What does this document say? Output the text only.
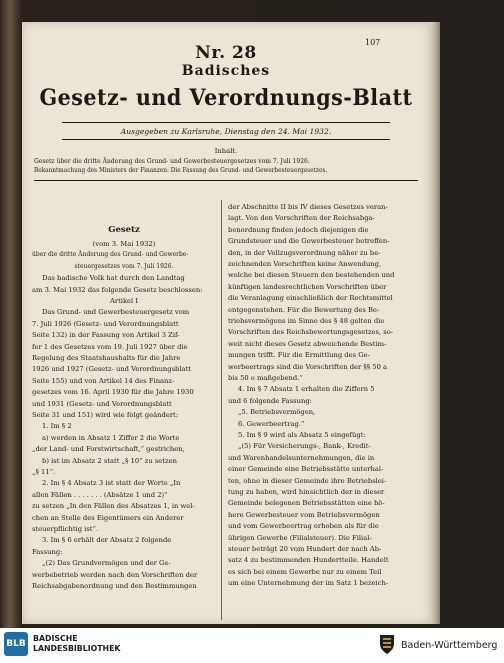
107
Nr. 28
Badisches
Gesetz- und Verordnungs-Blatt
Ausgegeben zu Karlsruhe, Dienstag den 24. Mai 1932.
Inhalt.
Gesetz über die dritte Änderung des Grund- und Gewerbesteuergesetzes vom 7. Juli 1926.
Bekanntmachung des Ministers der Finanzen: Die Fassung des Grund- und Gewerbesteuergesetzes.
Gesetz
(vom 3. Mai 1932)
über die dritte Änderung des Grund- und Gewerbe-
steuergesetzes vom 7. Juli 1926.
Das badische Volk hat durch den Landtag
am 3. Mai 1932 das folgende Gesetz beschlossen:
Artikel I
Das Grund- und Gewerbesteuergesetz vom
7. Juli 1926 (Gesetz- und Verordnungsblatt
Seite 132) in der Fassung von Artikel 3 Zif-
fer 1 des Gesetzes vom 19. Juli 1927 über die
Regelung des Staatshaushalts für die Jahre
1926 und 1927 (Gesetz- und Verordnungsblatt
Seite 155) und von Artikel 14 des Finanz-
gesetzes vom 16. April 1930 für die Jahre 1930
und 1931 (Gesetz- und Verordnungsblatt
Seite 31 und 151) wird wie folgt geändert:
1. Im § 2
a) werden in Absatz 1 Ziffer 2 die Worte
„der Land- und Forstwirtschaft,“ gestrichen,
b) ist im Absatz 2 statt „§ 10“ zu setzen
„§ 11“.
2. Im § 4 Absatz 3 ist statt der Worte „In
allen Fällen . . . . . . . (Absätze 1 und 2)“
zu setzen „In den Fällen des Absatzes 1, in wel-
chen an Stelle des Eigentümers ein Anderer
steuerpflichtig ist“.
3. Im § 6 erhält der Absatz 2 folgende
Fassung:
„(2) Das Grundvermögen und der Ge-
werbebetrieb werden nach den Vorschriften der
Reichsabgabenordnung und den Bestimmungen
der Abschnitte II bis IV dieses Gesetzes veran-
lagt. Von den Vorschriften der Reichsabga-
benordnung finden jedoch diejenigen die
Grundsteuer und die Gewerbesteuer betreffen-
den, in der Vollzugsverordnung näher zu be-
zeichnenden Vorschriften keine Anwendung,
welche bei diesen Steuern den bestehenden und
künftigen landesrechtlichen Vorschriften über
die Veranlagung einschließlich der Rechtsmittel
entgegenstehen. Für die Bewertung des Be-
triebsvermögens im Sinne des § 48 gelten die
Vorschriften des Reichsbewertungsgesetzes, so-
weit nicht dieses Gesetz abweichende Bestim-
mungen trifft. Für die Ermittlung des Ge-
werbeertrags sind die Vorschriften der §§ 50 a
bis 50 e maßgebend.“
4. Im § 7 Absatz 1 erhalten die Ziffern 5
und 6 folgende Fassung:
„5. Betriebsvermögen,
6. Gewerbeertrag.“
5. Im § 9 wird als Absatz 5 eingefügt:
„(5) Für Versicherungs-, Bank-, Kredit-
und Warenhandelsunternehmungen, die in
einer Gemeinde eine Betriebsstätte unterhal-
ten, ohne in dieser Gemeinde ihre Betriebslei-
tung zu haben, wird hinsichtlich der in dieser
Gemeinde belegenen Betriebsstätten eine hö-
here Gewerbesteuer vom Betriebsvermögen
und vom Gewerbeertrag erhoben als für die
übrigen Gewerbe (Filialsteuer). Die Filial-
steuer beträgt 20 vom Hundert der nach Ab-
satz 4 zu bestimmenden Hundertteile. Handelt
es sich bei einem Gewerbe nur zu einem Teil
um eine Unternehmung der im Satz 1 bezeich-
BLB
BADISCHE
LANDESBIBLIOTHEK	Baden-Württemberg
